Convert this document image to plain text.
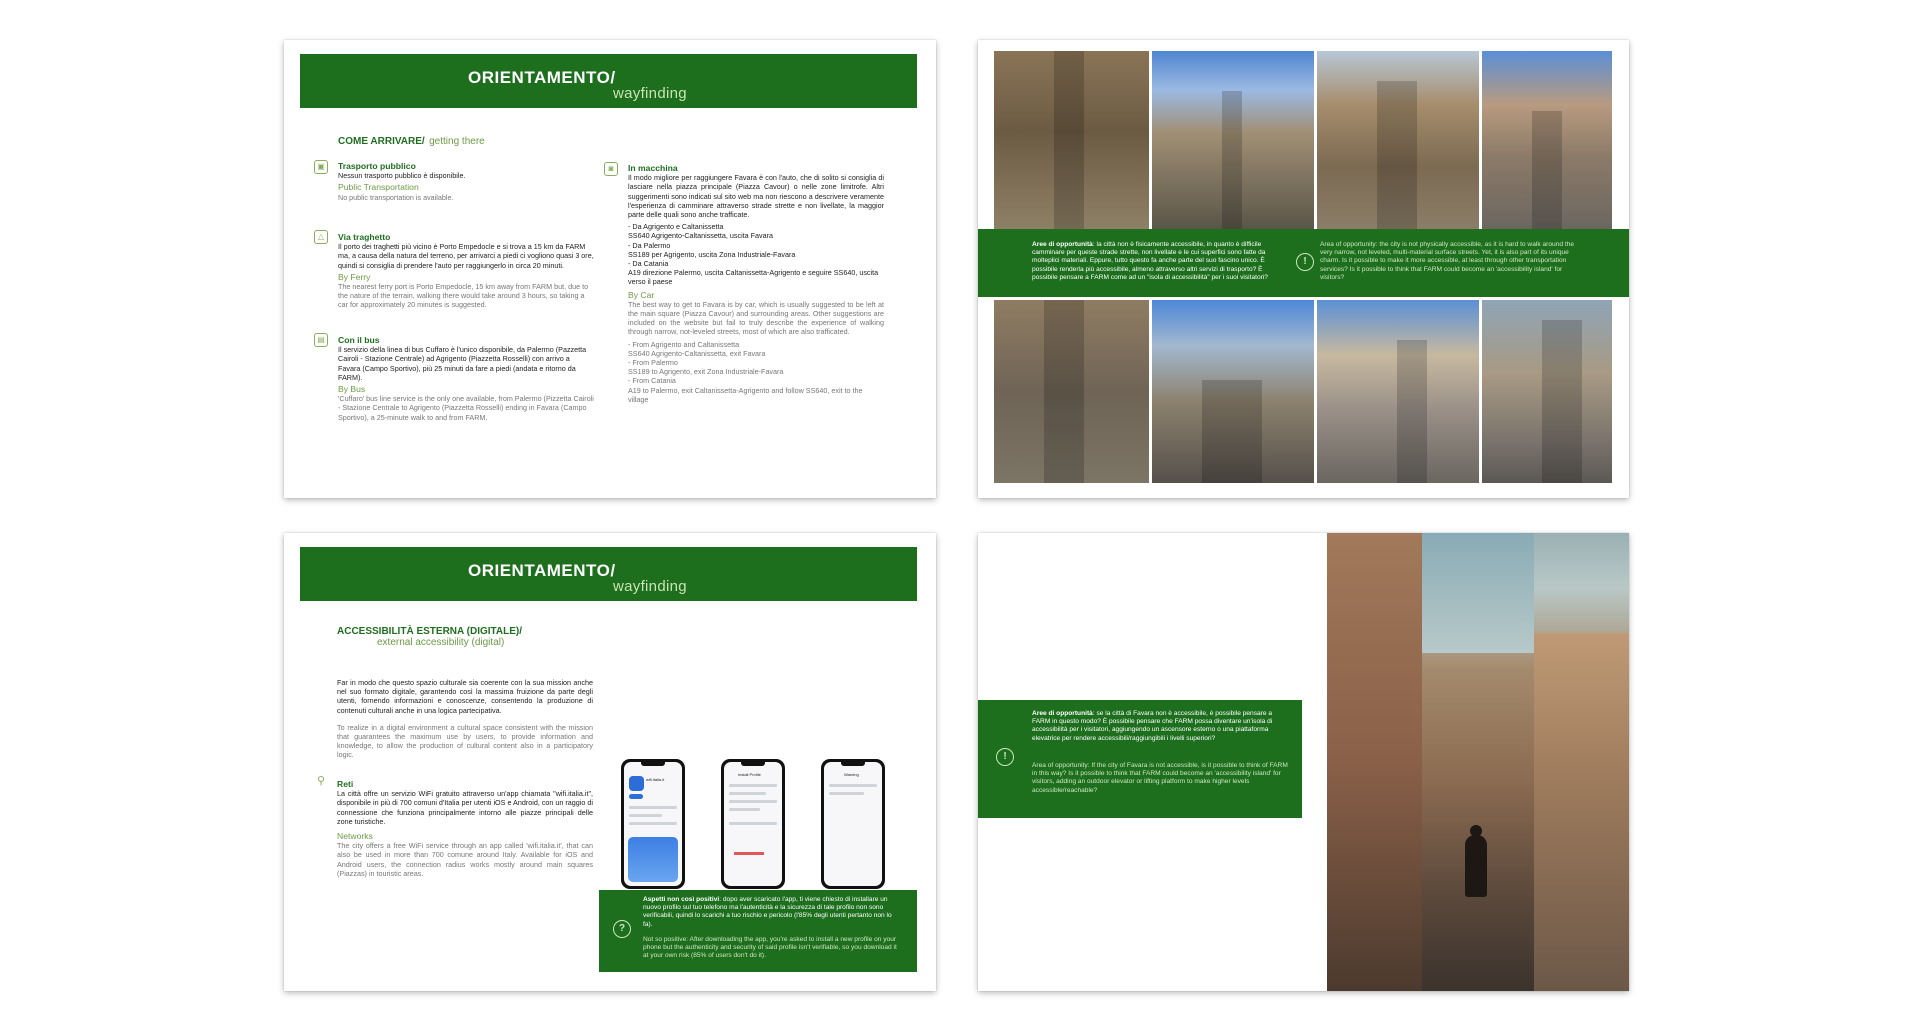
ORIENTAMENTO/
wayfinding
COME ARRIVARE/ getting there
▣	Trasporto pubblico

Nessun trasporto pubblico è disponibile.

Public Transportation

No public transportation is available.

△	Via traghetto

Il porto dei traghetti più vicino è Porto Empedocle e si trova a 15 km da FARM ma, a causa della natura del terreno, per arrivarci a piedi ci vogliono quasi 3 ore, quindi si consiglia di prendere l'auto per raggiungerlo in circa 20 minuti.

By Ferry

The nearest ferry port is Porto Empedocle, 15 km away from FARM but, due to the nature of the terrain, walking there would take around 3 hours, so taking a car for approximately 20 minutes is suggested.

▤	Con il bus

Il servizio della linea di bus Cuffaro è l'unico disponibile, da Palermo (Pazzetta Cairoli - Stazione Centrale) ad Agrigento (Piazzetta Rosselli) con arrivo a Favara (Campo Sportivo), più 25 minuti da fare a piedi (andata e ritorno da FARM).

By Bus

'Cuffaro' bus line service is the only one available, from Palermo (Pizzetta Cairoli - Stazione Centrale to Agrigento (Piazzetta Rosselli) ending in Favara (Campo Sportivo), a 25-minute walk to and from FARM.

◙	In macchina

Il modo migliore per raggiungere Favara è con l'auto, che di solito si consiglia di lasciare nella piazza principale (Piazza Cavour) o nelle zone limitrofe. Altri suggerimenti sono indicati sul sito web ma non riescono a descrivere veramente l'esperienza di camminare attraverso strade strette e non livellate, la maggior parte delle quali sono anche trafficate.

- Da Agrigento e Caltanissetta
SS640 Agrigento-Caltanissetta, uscita Favara
- Da Palermo
SS189 per Agrigento, uscita Zona Industriale-Favara
- Da Catania
A19 direzione Palermo, uscita Caltanissetta-Agrigento e seguire SS640, uscita verso il paese
By Car

The best way to get to Favara is by car, which is usually suggested to be left at the main square (Piazza Cavour) and surrounding areas. Other suggestions are included on the website but fail to truly describe the experience of walking through narrow, not-leveled streets, most of which are also trafficated.

- From Agrigento and Caltanissetta
SS640 Agrigento-Caltanissetta, exit Favara
- From Palermo
SS189 to Agrigento, exit Zona Industriale-Favara
- From Catania
A19 to Palermo, exit Caltanissetta-Agrigento and follow SS640, exit to the village
Aree di opportunità: la città non è fisicamente accessibile, in quanto è difficile camminare per queste strade strette, non livellate e le cui superfici sono fatte da molteplici materiali. Eppure, tutto questo fa anche parte del suo fascino unico. È possibile renderla più accessibile, almeno attraverso altri servizi di trasporto? È possibile pensare a FARM come ad un "isola di accessibilità" per i suoi visitatori?
!
Area of opportunity: the city is not physically accessible, as it is hard to walk around the very narrow, not leveled, multi-material surface streets. Yet, it is also part of its unique charm. Is it possible to make it more accessible, at least through other transportation services? Is it possible to think that FARM could become an 'accessibility island' for visitors?
ORIENTAMENTO/
wayfinding
ACCESSIBILITÀ ESTERNA (DIGITALE)/
external accessibility (digital)

Far in modo che questo spazio culturale sia coerente con la sua mission anche nel suo formato digitale, garantendo così la massima fruizione da parte degli utenti, fornendo informazioni e conoscenze, consentendo la produzione di contenuti culturali anche in una logica partecipativa.

To realize in a digital environment a cultural space consistent with the mission that guarantees the maximum use by users, to provide information and knowledge, to allow the production of cultural content also in a participatory logic.

⚲	Reti

La città offre un servizio WiFi gratuito attraverso un'app chiamata "wifi.italia.it", disponibile in più di 700 comuni d'Italia per utenti iOS e Android, con un raggio di connessione che funziona principalmente intorno alle piazze principali delle zone turistiche.

Networks

The city offers a free WiFi service through an app called 'wifi.italia.it', that can also be used in more than 700 comune around Italy. Available for iOS and Android users, the connection radius works mostly around main squares (Piazzas) in touristic areas.

wifi.italia.it
Install Profile	Warning
?
Aspetti non così positivi: dopo aver scaricato l'app, ti viene chiesto di installare un nuovo profilo sul tuo telefono ma l'autenticità e la sicurezza di tale profilo non sono verificabili, quindi lo scarichi a tuo rischio e pericolo (l'85% degli utenti pertanto non lo fa).
Not so positive: After downloading the app, you're asked to install a new profile on your phone but the authenticity and security of said profile isn't verifiable, so you download it at your own risk (85% of users don't do it).
!
Aree di opportunità: se la città di Favara non è accessibile, è possibile pensare a FARM in questo modo? È possibile pensare che FARM possa diventare un'isola di accessibilità per i visitatori, aggiungendo un ascensore esterno o una piattaforma elevatrice per rendere accessibili/raggiungibili i livelli superiori?
Area of opportunity: If the city of Favara is not accessible, is it possible to think of FARM in this way? Is it possible to think that FARM could become an 'accessibility island' for visitors, adding an outdoor elevator or lifting platform to make higher levels accessible/reachable?
